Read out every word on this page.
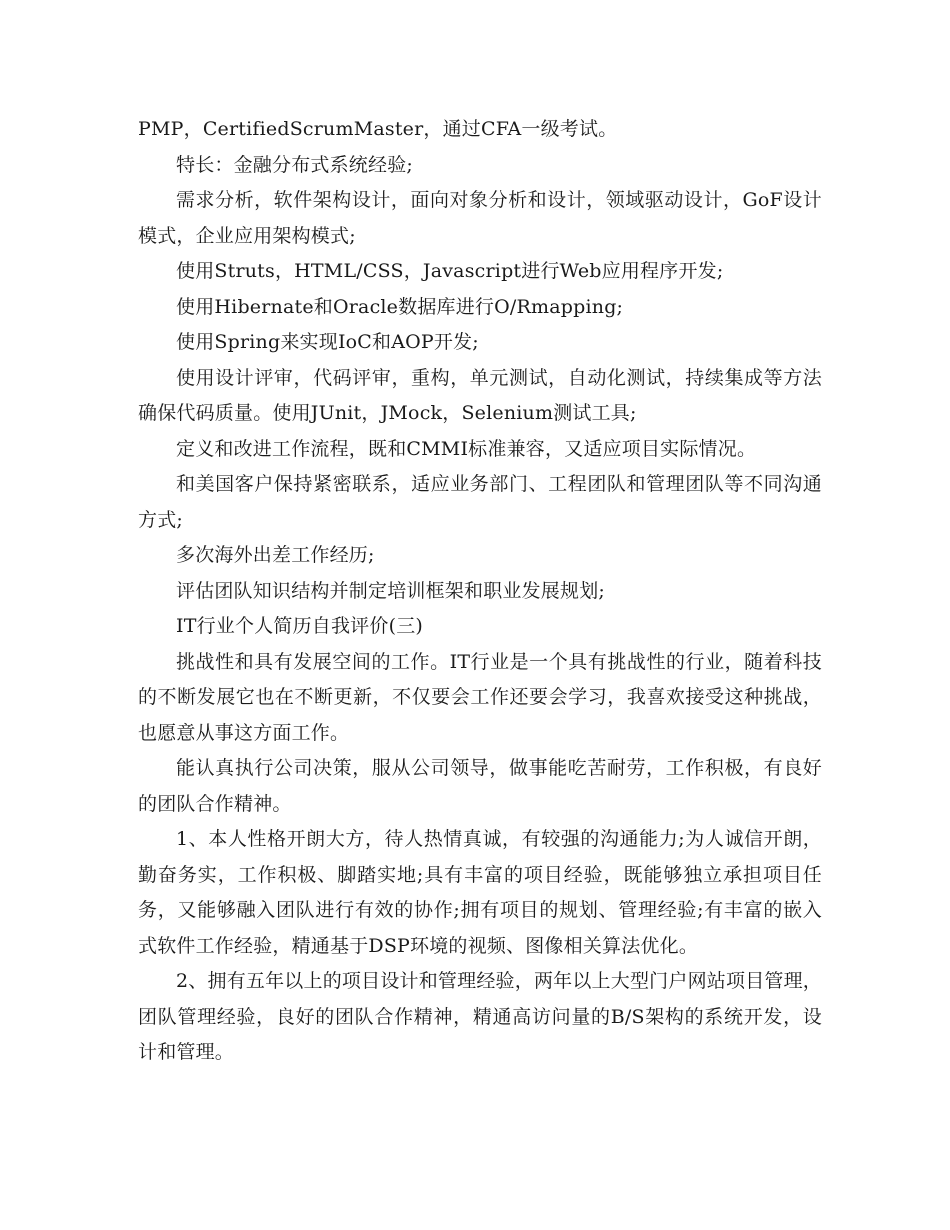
PMP，CertifiedScrumMaster，通过CFA一级考试。

特长：金融分布式系统经验;

需求分析，软件架构设计，面向对象分析和设计，领域驱动设计，GoF设计模式，企业应用架构模式;

使用Struts，HTML/CSS，Javascript进行Web应用程序开发;

使用Hibernate和Oracle数据库进行O/Rmapping;

使用Spring来实现IoC和AOP开发;

使用设计评审，代码评审，重构，单元测试，自动化测试，持续集成等方法确保代码质量。使用JUnit，JMock，Selenium测试工具;

定义和改进工作流程，既和CMMI标准兼容，又适应项目实际情况。

和美国客户保持紧密联系，适应业务部门、工程团队和管理团队等不同沟通方式;

多次海外出差工作经历;

评估团队知识结构并制定培训框架和职业发展规划;

IT行业个人简历自我评价(三)

挑战性和具有发展空间的工作。IT行业是一个具有挑战性的行业，随着科技的不断发展它也在不断更新，不仅要会工作还要会学习，我喜欢接受这种挑战，也愿意从事这方面工作。

能认真执行公司决策，服从公司领导，做事能吃苦耐劳，工作积极，有良好的团队合作精神。

1、本人性格开朗大方，待人热情真诚，有较强的沟通能力;为人诚信开朗，勤奋务实，工作积极、脚踏实地;具有丰富的项目经验，既能够独立承担项目任务，又能够融入团队进行有效的协作;拥有项目的规划、管理经验;有丰富的嵌入式软件工作经验，精通基于DSP环境的视频、图像相关算法优化。

2、拥有五年以上的项目设计和管理经验，两年以上大型门户网站项目管理，团队管理经验，良好的团队合作精神，精通高访问量的B/S架构的系统开发，设计和管理。
